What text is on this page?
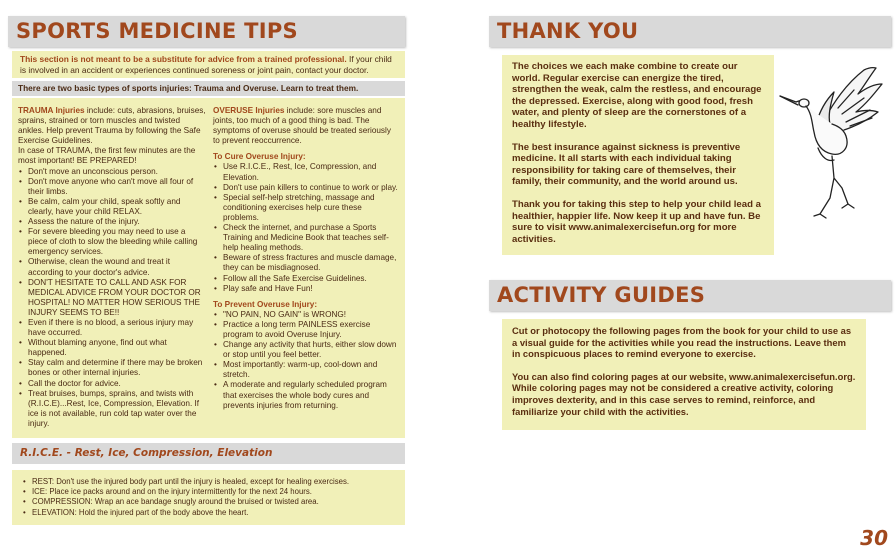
SPORTS MEDICINE TIPS
This section is not meant to be a substitute for advice from a trained professional. If your child is involved in an accident or experiences continued soreness or joint pain, contact your doctor.
There are two basic types of sports injuries: Trauma and Overuse. Learn to treat them.
TRAUMA Injuries include: cuts, abrasions, bruises, sprains, strained or torn muscles and twisted ankles. Help prevent Trauma by following the Safe Exercise Guidelines.
In case of TRAUMA, the first few minutes are the most important! BE PREPARED!
• Don't move an unconscious person.
• Don't move anyone who can't move all four of their limbs.
• Be calm, calm your child, speak softly and clearly, have your child RELAX.
• Assess the nature of the injury.
• For severe bleeding you may need to use a piece of cloth to slow the bleeding while calling emergency services.
• Otherwise, clean the wound and treat it according to your doctor's advice.
• DON'T HESITATE TO CALL AND ASK FOR MEDICAL ADVICE FROM YOUR DOCTOR OR HOSPITAL! NO MATTER HOW SERIOUS THE INJURY SEEMS TO BE!!
• Even if there is no blood, a serious injury may have occurred.
• Without blaming anyone, find out what happened.
• Stay calm and determine if there may be broken bones or other internal injuries.
• Call the doctor for advice.
• Treat bruises, bumps, sprains, and twists with (R.I.C.E)...Rest, Ice, Compression, Elevation. If ice is not available, run cold tap water over the injury.
OVERUSE Injuries include: sore muscles and joints, too much of a good thing is bad. The symptoms of overuse should be treated seriously to prevent reoccurrence.
To Cure Overuse Injury:
• Use R.I.C.E., Rest, Ice, Compression, and Elevation.
• Don't use pain killers to continue to work or play.
• Special self-help stretching, massage and conditioning exercises help cure these problems.
• Check the internet, and purchase a Sports Training and Medicine Book that teaches self-help healing methods.
• Beware of stress fractures and muscle damage, they can be misdiagnosed.
• Follow all the Safe Exercise Guidelines.
• Play safe and Have Fun!
To Prevent Overuse Injury:
• "NO PAIN, NO GAIN" is WRONG!
• Practice a long term PAINLESS exercise program to avoid Overuse Injury.
• Change any activity that hurts, either slow down or stop until you feel better.
• Most importantly: warm-up, cool-down and stretch.
• A moderate and regularly scheduled program that exercises the whole body cures and prevents injuries from returning.
R.I.C.E. - Rest, Ice, Compression, Elevation
• REST: Don't use the injured body part until the injury is healed, except for healing exercises.
• ICE: Place ice packs around and on the injury intermittently for the next 24 hours.
• COMPRESSION: Wrap an ace bandage snugly around the bruised or twisted area.
• ELEVATION: Hold the injured part of the body above the heart.
THANK YOU

The choices we each make combine to create our world. Regular exercise can energize the tired, strengthen the weak, calm the restless, and encourage the depressed. Exercise, along with good food, fresh water, and plenty of sleep are the cornerstones of a healthy lifestyle.

The best insurance against sickness is preventive medicine. It all starts with each individual taking responsibility for taking care of themselves, their family, their community, and the world around us.

Thank you for taking this step to help your child lead a healthier, happier life. Now keep it up and have fun. Be sure to visit www.animalexercisefun.org for more activities.

ACTIVITY GUIDES

Cut or photocopy the following pages from the book for your child to use as a visual guide for the activities while you read the instructions. Leave them in conspicuous places to remind everyone to exercise.

You can also find coloring pages at our website, www.animalexercisefun.org. While coloring pages may not be considered a creative activity, coloring improves dexterity, and in this case serves to remind, reinforce, and familiarize your child with the activities.

30
